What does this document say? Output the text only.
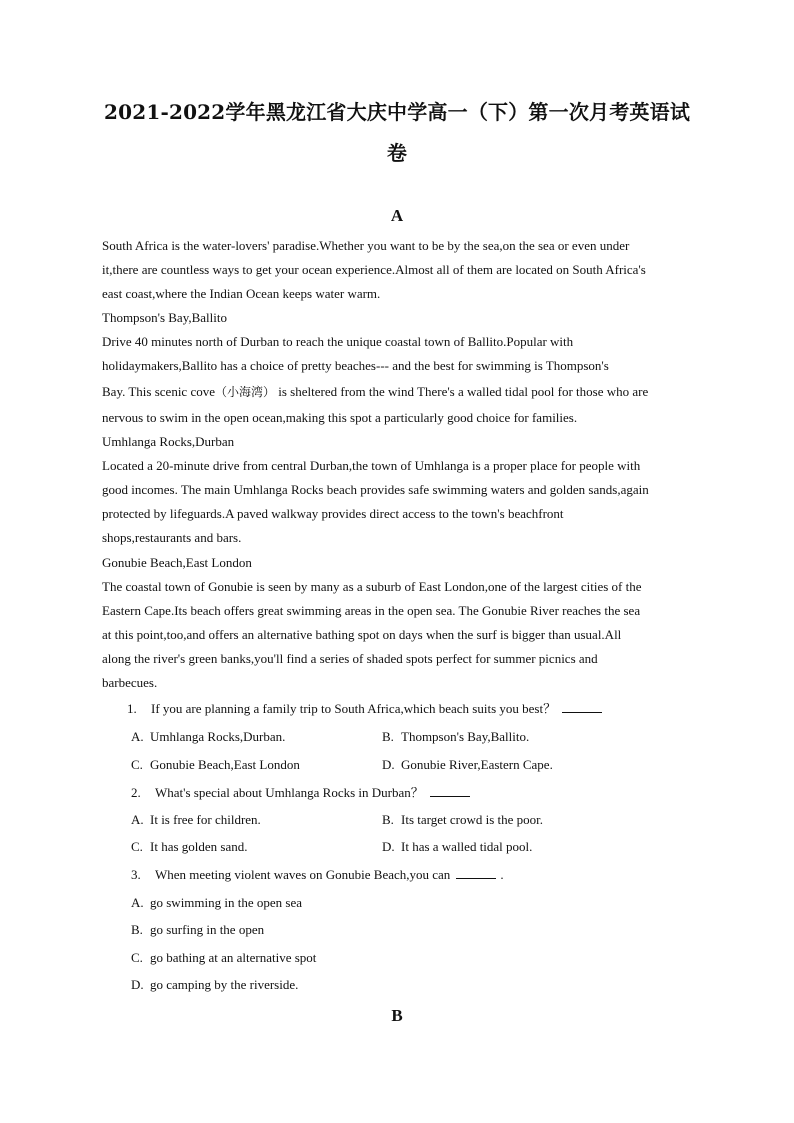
2021-2022学年黑龙江省大庆中学高一（下）第一次月考英语试
卷
A
South Africa is the water-lovers' paradise.Whether you want to be by the sea,on the sea or even under
it,there are countless ways to get your ocean experience.Almost all of them are located on South Africa's
east coast,where the Indian Ocean keeps water warm.
Thompson's Bay,Ballito
Drive 40 minutes north of Durban to reach the unique coastal town of Ballito.Popular with
holidaymakers,Ballito has a choice of pretty beaches--- and the best for swimming is Thompson's
Bay. This scenic cove（小海湾） is sheltered from the wind There's a walled tidal pool for those who are
nervous to swim in the open ocean,making this spot a particularly good choice for families.
Umhlanga Rocks,Durban
Located a 20-minute drive from central Durban,the town of Umhlanga is a proper place for people with
good incomes. The main Umhlanga Rocks beach provides safe swimming waters and golden sands,again
protected by lifeguards.A paved walkway provides direct access to the town's beachfront
shops,restaurants and bars.
Gonubie Beach,East London
The coastal town of Gonubie is seen by many as a suburb of East London,one of the largest cities of the
Eastern Cape.Its beach offers great swimming areas in the open sea. The Gonubie River reaches the sea
at this point,too,and offers an alternative bathing spot on days when the surf is bigger than usual.All
along the river's green banks,you'll find a series of shaded spots perfect for summer picnics and
barbecues.
1. If you are planning a family trip to South Africa,which beach suits you best？
A. Umhlanga Rocks,Durban.	B. Thompson's Bay,Ballito.
C. Gonubie Beach,East London	D. Gonubie River,Eastern Cape.
2. What's special about Umhlanga Rocks in Durban？
A. It is free for children.	B. Its target crowd is the poor.
C. It has golden sand.	D. It has a walled tidal pool.
3. When meeting violent waves on Gonubie Beach,you can	.
A. go swimming in the open sea
B. go surfing in the open
C. go bathing at an alternative spot
D. go camping by the riverside.
B
